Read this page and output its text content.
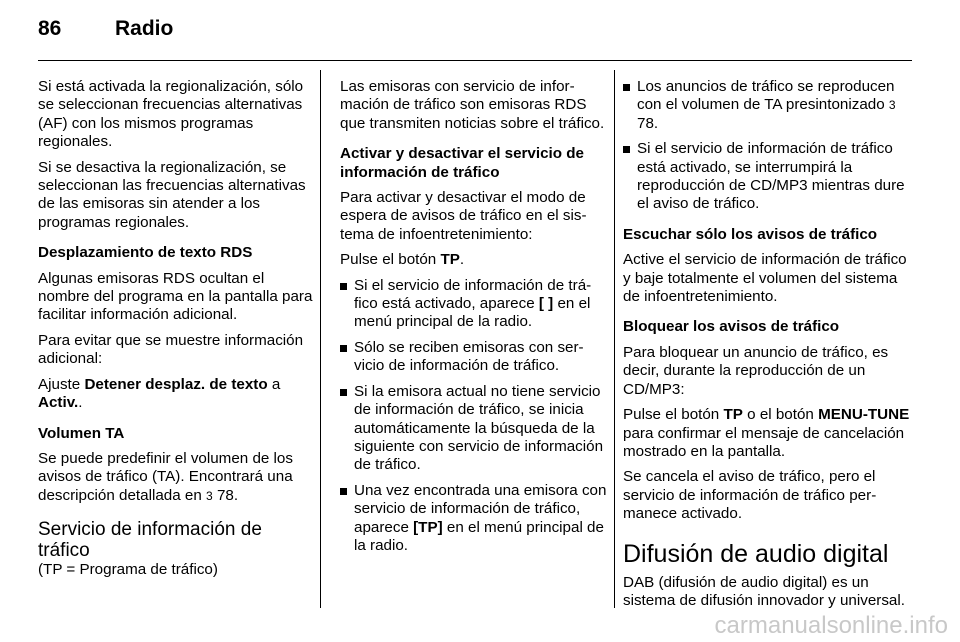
86	Radio

Si está activada la regionalización, sólo se seleccionan frecuencias alternativas (AF) con los mismos programas regionales.

Si se desactiva la regionalización, se seleccionan las frecuencias alternativas de las emisoras sin atender a los programas regionales.

Desplazamiento de texto RDS

Algunas emisoras RDS ocultan el nombre del programa en la pantalla para facilitar información adicional.

Para evitar que se muestre información adicional:

Ajuste Detener desplaz. de texto a Activ..

Volumen TA

Se puede predefinir el volumen de los avisos de tráfico (TA). Encontrará una descripción detallada en 3 78.

Servicio de información de tráfico

(TP = Programa de tráfico)

Las emisoras con servicio de información de tráfico son emisoras RDS que transmiten noticias sobre el tráfico.

Activar y desactivar el servicio de información de tráfico

Para activar y desactivar el modo de espera de avisos de tráfico en el sistema de infoentretenimiento:

Pulse el botón TP.

Si el servicio de información de tráfico está activado, aparece [ ] en el menú principal de la radio.
Sólo se reciben emisoras con servicio de información de tráfico.
Si la emisora actual no tiene servicio de información de tráfico, se inicia automáticamente la búsqueda de la siguiente con servicio de información de tráfico.
Una vez encontrada una emisora con servicio de información de tráfico, aparece [TP] en el menú principal de la radio.
Los anuncios de tráfico se reproducen con el volumen de TA presintonizado 3 78.
Si el servicio de información de tráfico está activado, se interrumpirá la reproducción de CD/MP3 mientras dure el aviso de tráfico.

Escuchar sólo los avisos de tráfico

Active el servicio de información de tráfico y baje totalmente el volumen del sistema de infoentretenimiento.

Bloquear los avisos de tráfico

Para bloquear un anuncio de tráfico, es decir, durante la reproducción de un CD/MP3:

Pulse el botón TP o el botón MENU-TUNE para confirmar el mensaje de cancelación mostrado en la pantalla.

Se cancela el aviso de tráfico, pero el servicio de información de tráfico permanece activado.

Difusión de audio digital

DAB (difusión de audio digital) es un sistema de difusión innovador y universal.

carmanualsonline.info
